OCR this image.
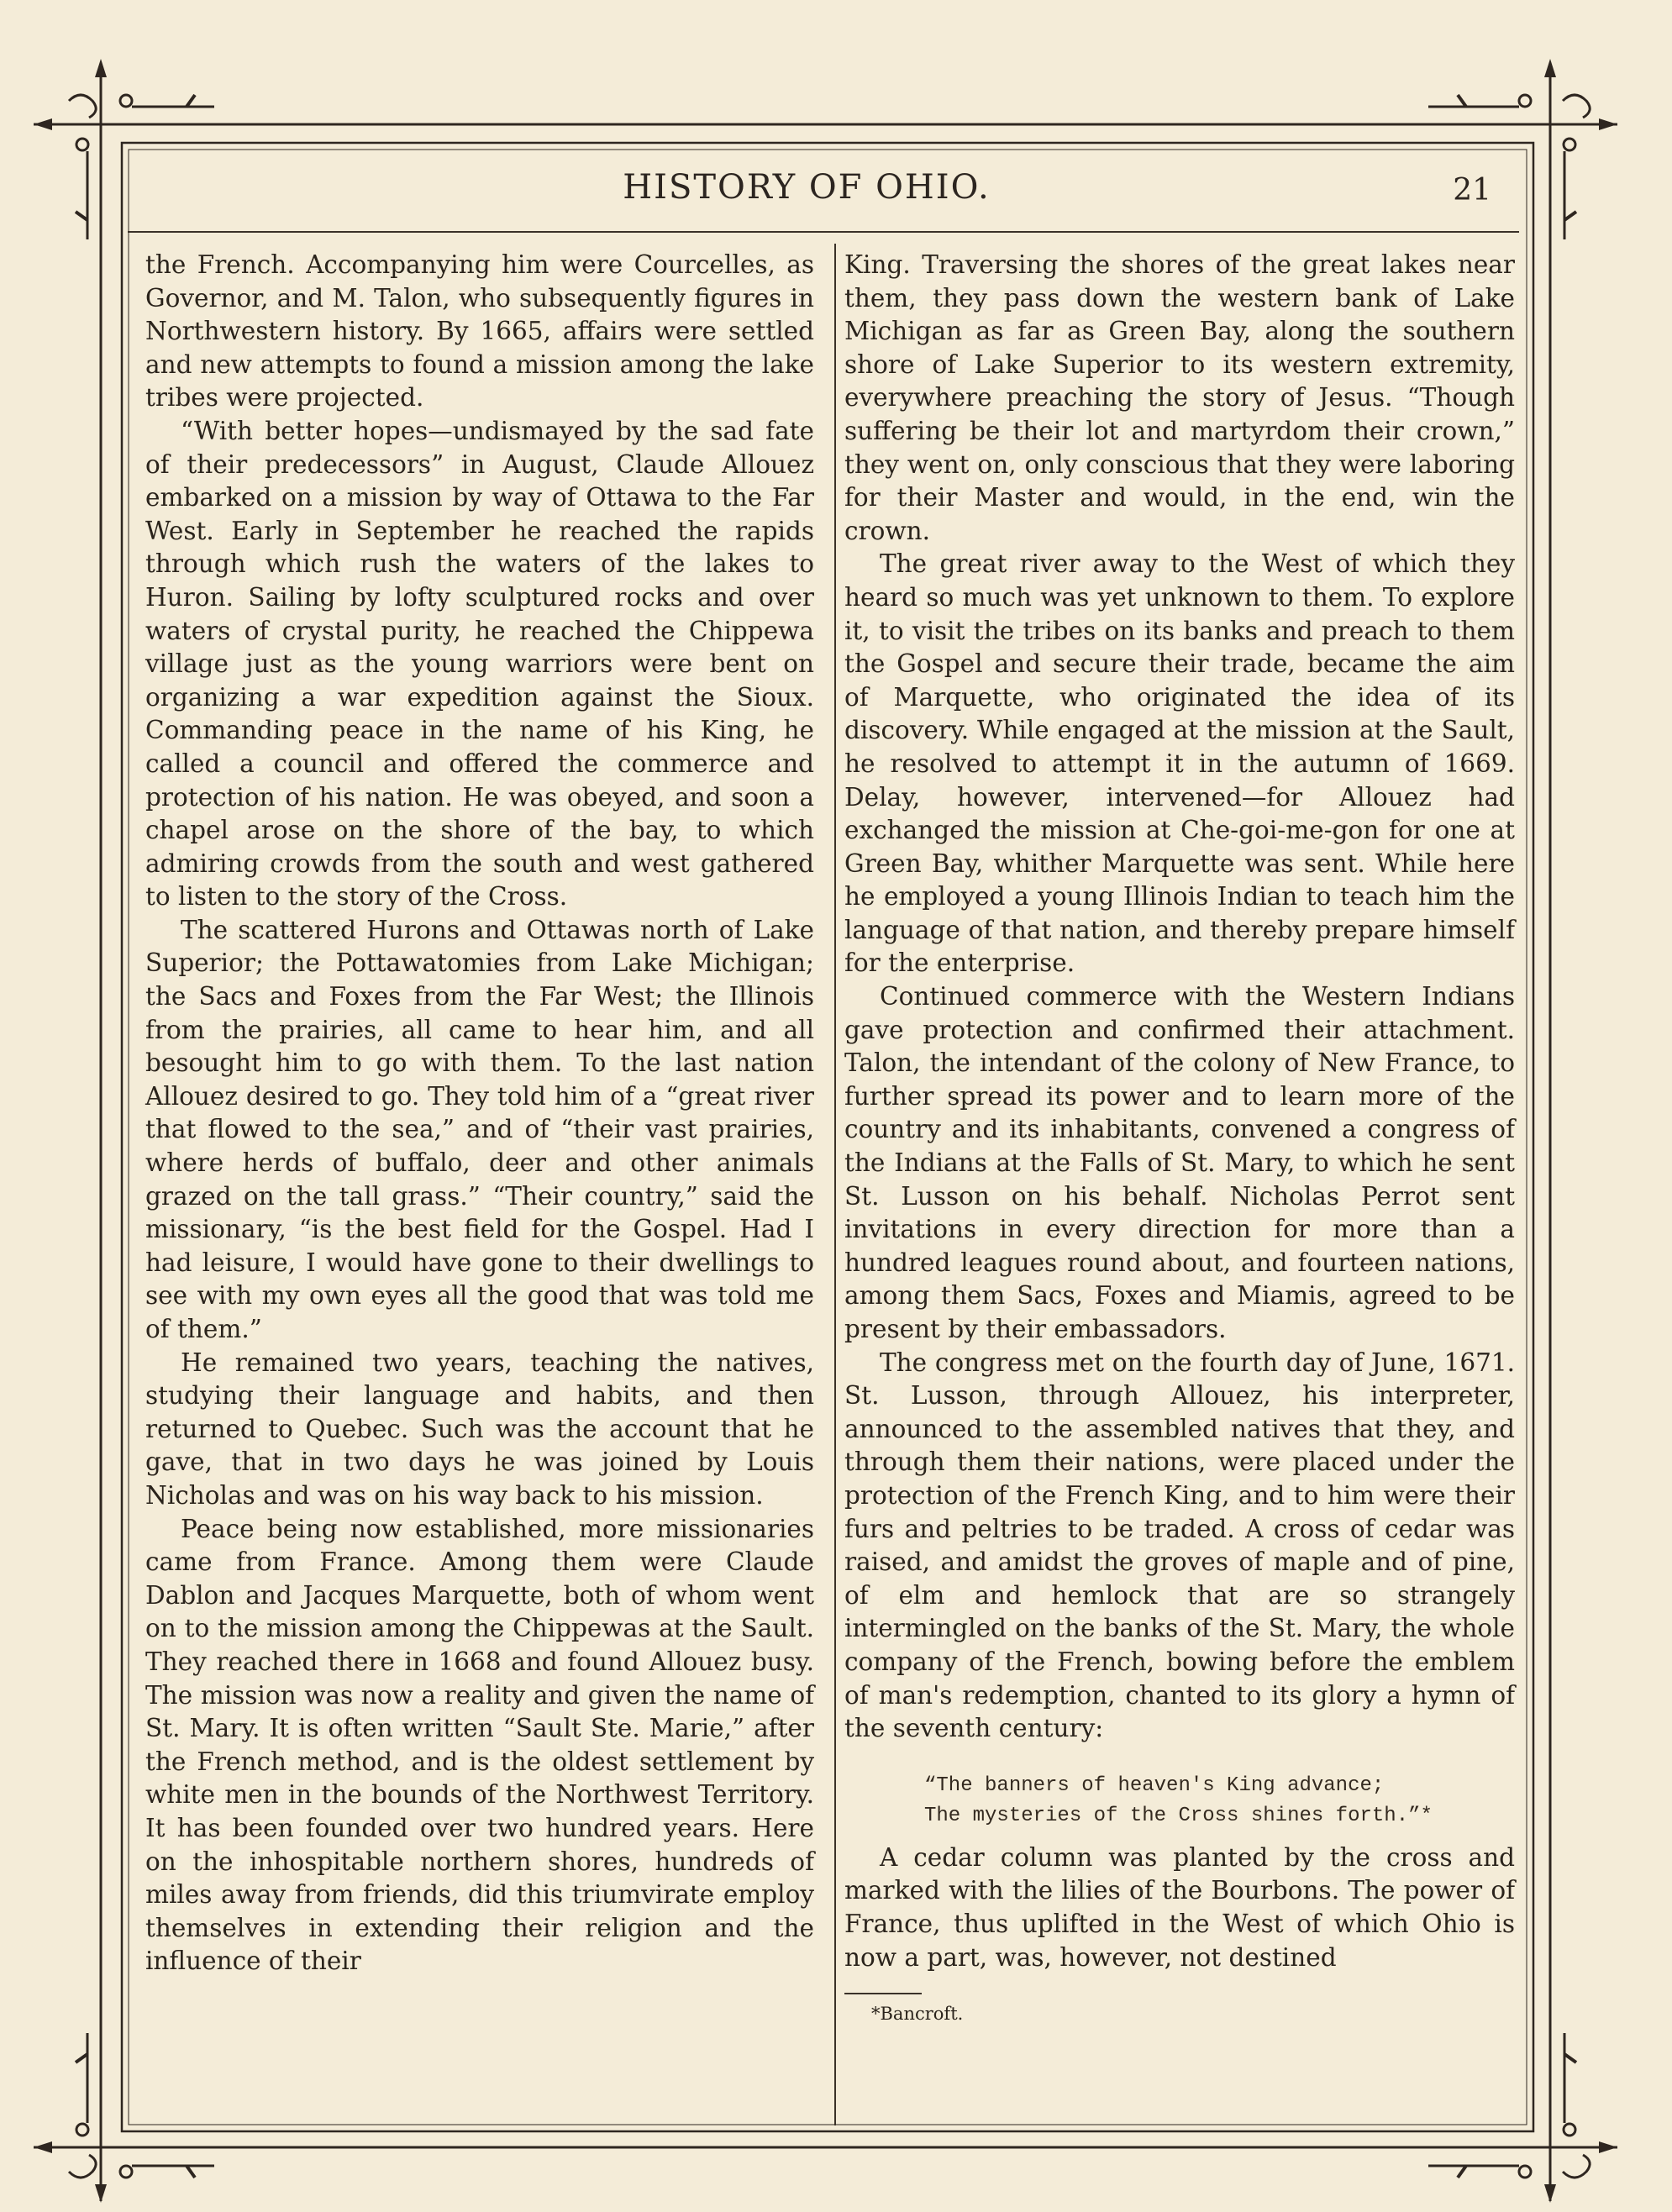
HISTORY OF OHIO.	21

the French. Accompanying him were Courcelles, as Governor, and M. Talon, who subsequently figures in Northwestern history. By 1665, affairs were settled and new attempts to found a mission among the lake tribes were projected.

“With better hopes—undismayed by the sad fate of their predecessors” in August, Claude Allouez embarked on a mission by way of Ottawa to the Far West. Early in September he reached the rapids through which rush the waters of the lakes to Huron. Sailing by lofty sculptured rocks and over waters of crystal purity, he reached the Chippewa village just as the young warriors were bent on organizing a war expedition against the Sioux. Commanding peace in the name of his King, he called a council and offered the commerce and protection of his nation. He was obeyed, and soon a chapel arose on the shore of the bay, to which admiring crowds from the south and west gathered to listen to the story of the Cross.

The scattered Hurons and Ottawas north of Lake Superior; the Pottawatomies from Lake Michigan; the Sacs and Foxes from the Far West; the Illinois from the prairies, all came to hear him, and all besought him to go with them. To the last nation Allouez desired to go. They told him of a “great river that flowed to the sea,” and of “their vast prairies, where herds of buffalo, deer and other animals grazed on the tall grass.” “Their country,” said the missionary, “is the best field for the Gospel. Had I had leisure, I would have gone to their dwellings to see with my own eyes all the good that was told me of them.”

He remained two years, teaching the natives, studying their language and habits, and then returned to Quebec. Such was the account that he gave, that in two days he was joined by Louis Nicholas and was on his way back to his mission.

Peace being now established, more missionaries came from France. Among them were Claude Dablon and Jacques Marquette, both of whom went on to the mission among the Chippewas at the Sault. They reached there in 1668 and found Allouez busy. The mission was now a reality and given the name of St. Mary. It is often written “Sault Ste. Marie,” after the French method, and is the oldest settlement by white men in the bounds of the Northwest Territory. It has been founded over two hundred years. Here on the inhospitable northern shores, hundreds of miles away from friends, did this triumvirate employ themselves in extending their religion and the influence of their

King. Traversing the shores of the great lakes near them, they pass down the western bank of Lake Michigan as far as Green Bay, along the southern shore of Lake Superior to its western extremity, everywhere preaching the story of Jesus. “Though suffering be their lot and martyrdom their crown,” they went on, only conscious that they were laboring for their Master and would, in the end, win the crown.

The great river away to the West of which they heard so much was yet unknown to them. To explore it, to visit the tribes on its banks and preach to them the Gospel and secure their trade, became the aim of Marquette, who originated the idea of its discovery. While engaged at the mission at the Sault, he resolved to attempt it in the autumn of 1669. Delay, however, intervened—for Allouez had exchanged the mission at Che-goi-me-gon for one at Green Bay, whither Marquette was sent. While here he employed a young Illinois Indian to teach him the language of that nation, and thereby prepare himself for the enterprise.

Continued commerce with the Western Indians gave protection and confirmed their attachment. Talon, the intendant of the colony of New France, to further spread its power and to learn more of the country and its inhabitants, convened a congress of the Indians at the Falls of St. Mary, to which he sent St. Lusson on his behalf. Nicholas Perrot sent invitations in every direction for more than a hundred leagues round about, and fourteen nations, among them Sacs, Foxes and Miamis, agreed to be present by their embassadors.

The congress met on the fourth day of June, 1671. St. Lusson, through Allouez, his interpreter, announced to the assembled natives that they, and through them their nations, were placed under the protection of the French King, and to him were their furs and peltries to be traded. A cross of cedar was raised, and amidst the groves of maple and of pine, of elm and hemlock that are so strangely intermingled on the banks of the St. Mary, the whole company of the French, bowing before the emblem of man's redemption, chanted to its glory a hymn of the seventh century:

“The banners of heaven's King advance;
The mysteries of the Cross shines forth.”*

A cedar column was planted by the cross and marked with the lilies of the Bourbons. The power of France, thus uplifted in the West of which Ohio is now a part, was, however, not destined

*Bancroft.
